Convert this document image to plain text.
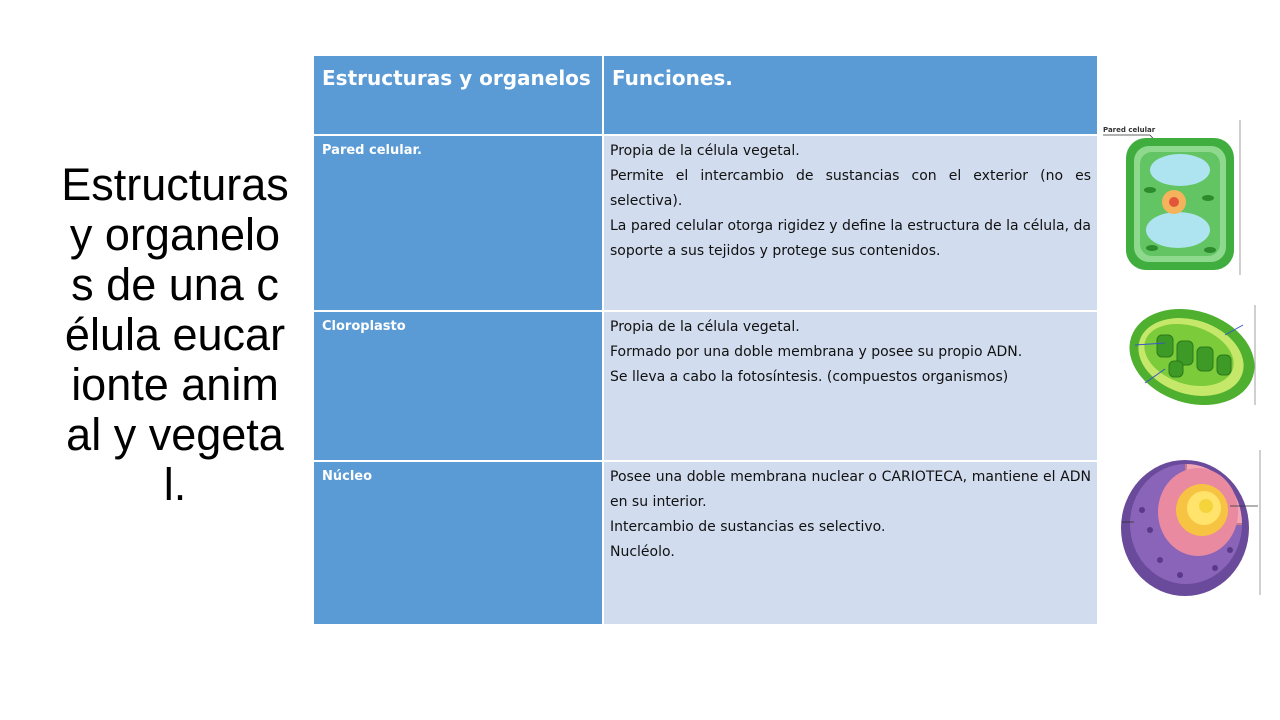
Estructuras y organelos de una célula eucarionte animal y vegetal.
Estructuras y organelos	Funciones.
Pared celular.	Propia de la célula vegetal.

Permite el intercambio de sustancias con el exterior (no es selectiva).

La pared celular otorga rigidez y define la estructura de la célula, da soporte a sus tejidos y protege sus contenidos.

Cloroplasto	Propia de la célula vegetal.

Formado por una doble membrana y posee su propio ADN.

Se lleva a cabo la fotosíntesis. (compuestos organismos)

Núcleo	Posee una doble membrana nuclear o CARIOTECA, mantiene el ADN en su interior.

Intercambio de sustancias es selectivo.

Nucléolo.

Pared celular
